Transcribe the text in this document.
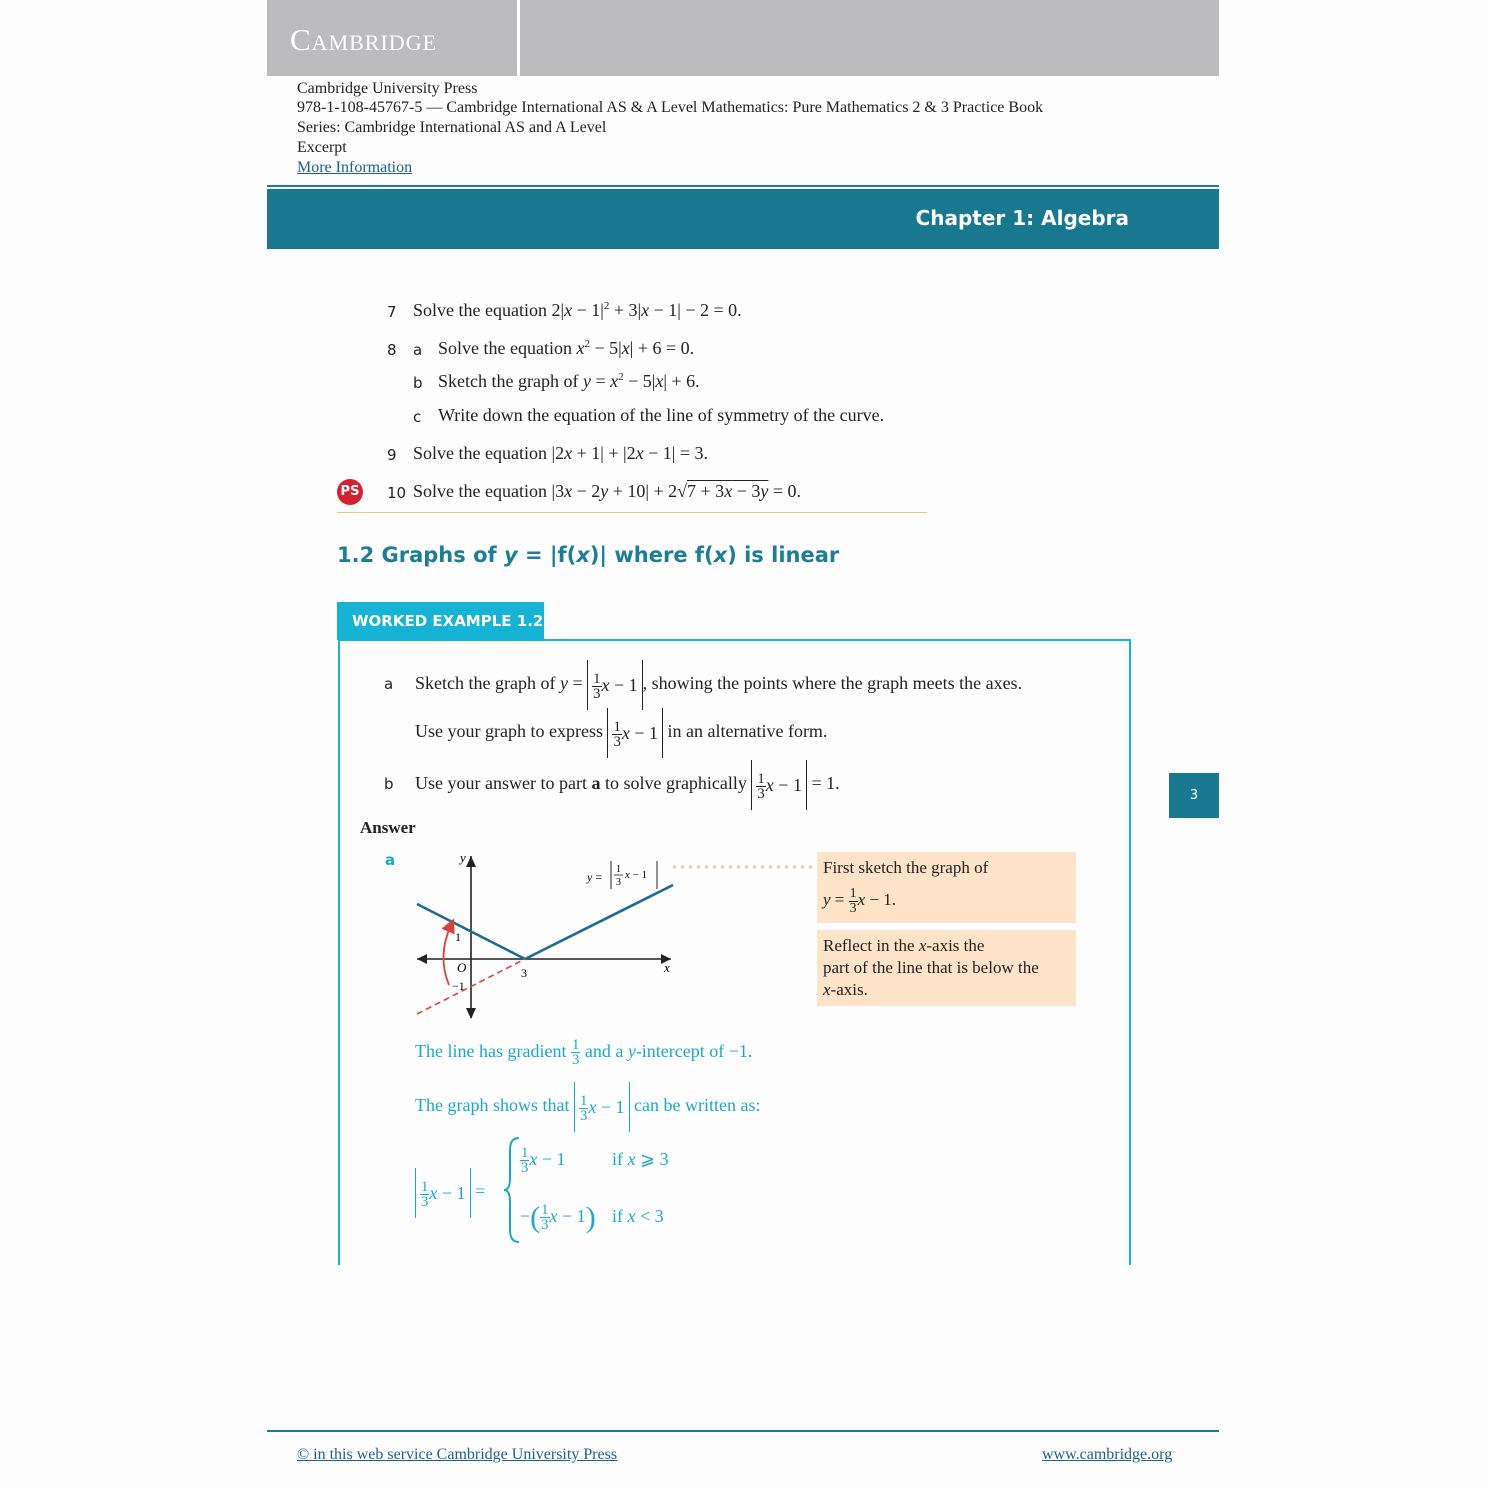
Cambridge
Cambridge University Press
978-1-108-45767-5 — Cambridge International AS & A Level Mathematics: Pure Mathematics 2 & 3 Practice Book
Series: Cambridge International AS and A Level
Excerpt
More Information
Chapter 1: Algebra
7 Solve the equation $2|x - 1|^2 + 3|x - 1| - 2 = 0$.
8 a Solve the equation $x^2 - 5|x| + 6 = 0$.
b Sketch the graph of $y = x^2 - 5|x| + 6$.
c Write down the equation of the line of symmetry of the curve.
9 Solve the equation |2x + 1| + |2x − 1| = 3.
PS 10 Solve the equation |3x − 2y + 10| + 2√7 + 3x − 3y = 0.
1.2 Graphs of y = |f(x)| where f(x) is linear
WORKED EXAMPLE 1.2
a Sketch the graph of $y = \frac{1}{3}$ x − 1 , showing the points where the graph meets the axes.
Use your graph to express $\frac{1}{3}$ x − 1 in an alternative form.
b Use your answer to part a to solve graphically $\frac{1}{3}$ x − 1 = 1.
3
Answer
a	y
x
O
1
−1
3
y =
1
3
x − 1	First sketch the graph of
$y = \frac{1}{3}$ x − 1.
Reflect in the x-axis the
part of the line that is below the
x-axis.
The line has gradient $\frac{1}{3}$ and a y-intercept of −1.
The graph shows that $\frac{1}{3}$ x − 1 can be written as:
$\frac{1}{3}$ x − 1 =
$\frac{1}{3}$ x − 1	if x ⩾ 3
−( $\frac{1}{3}$ x − 1) if x < 3
© in this web service Cambridge University Press	www.cambridge.org
